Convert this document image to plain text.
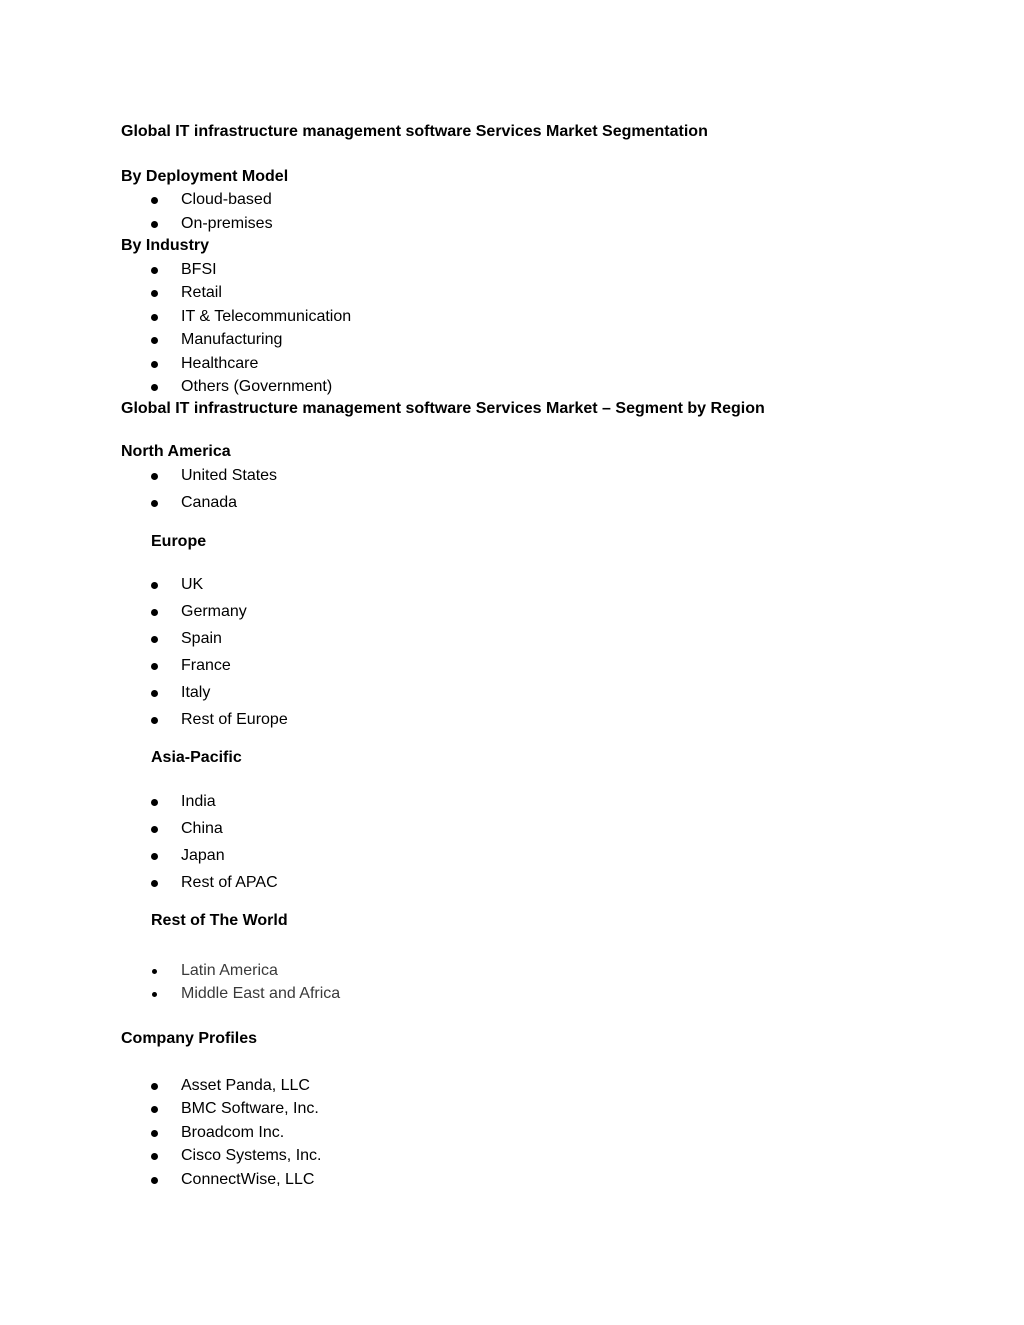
Global IT infrastructure management software Services Market Segmentation
By Deployment Model
Cloud-based
On-premises
By Industry
BFSI
Retail
IT & Telecommunication
Manufacturing
Healthcare
Others (Government)
Global IT infrastructure management software Services Market – Segment by Region
North America
United States
Canada
Europe
UK
Germany
Spain
France
Italy
Rest of Europe
Asia-Pacific
India
China
Japan
Rest of APAC
Rest of The World
Latin America
Middle East and Africa
Company Profiles
Asset Panda, LLC
BMC Software, Inc.
Broadcom Inc.
Cisco Systems, Inc.
ConnectWise, LLC
